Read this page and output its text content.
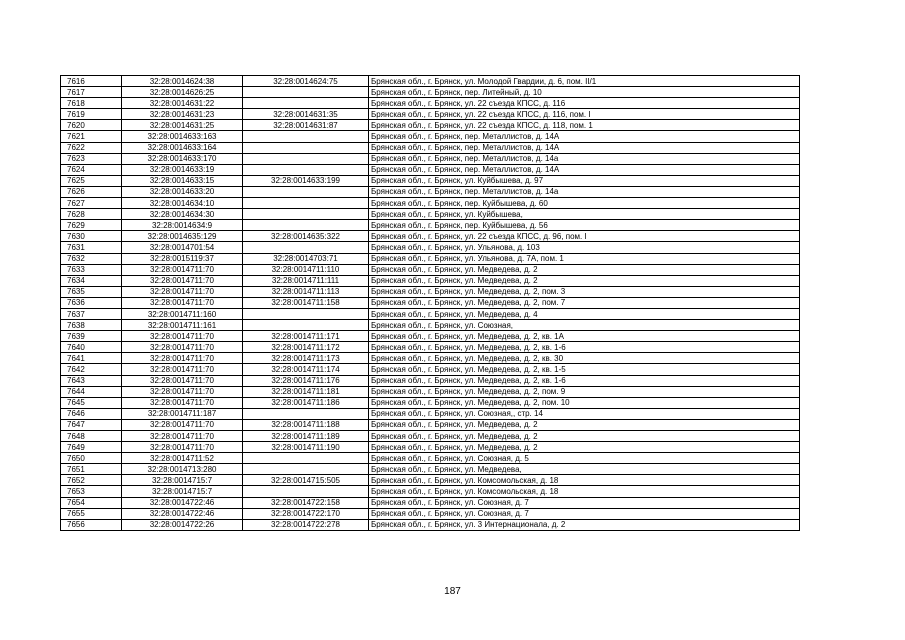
7616	32:28:0014624:38	32:28:0014624:75	Брянская обл., г. Брянск, ул. Молодой Гвардии, д. 6, пом. II/1
7617	32:28:0014626:25		Брянская обл., г. Брянск, пер. Литейный, д. 10
7618	32:28:0014631:22		Брянская обл., г. Брянск, ул. 22 съезда КПСС, д. 116
7619	32:28:0014631:23	32:28:0014631:35	Брянская обл., г. Брянск, ул. 22 съезда КПСС, д. 116, пом. I
7620	32:28:0014631:25	32:28:0014631:87	Брянская обл., г. Брянск, ул. 22 съезда КПСС, д. 118, пом. 1
7621	32:28:0014633:163		Брянская обл., г. Брянск, пер. Металлистов, д. 14А
7622	32:28:0014633:164		Брянская обл., г. Брянск, пер. Металлистов, д. 14А
7623	32:28:0014633:170		Брянская обл., г. Брянск, пер. Металлистов, д. 14а
7624	32:28:0014633:19		Брянская обл., г. Брянск, пер. Металлистов, д. 14А
7625	32:28:0014633:15	32:28:0014633:199	Брянская обл., г. Брянск, ул. Куйбышева, д. 97
7626	32:28:0014633:20		Брянская обл., г. Брянск, пер. Металлистов, д. 14а
7627	32:28:0014634:10		Брянская обл., г. Брянск, пер. Куйбышева, д. 60
7628	32:28:0014634:30		Брянская обл., г. Брянск, ул. Куйбышева,
7629	32:28:0014634:9		Брянская обл., г. Брянск, пер. Куйбышева, д. 56
7630	32:28:0014635:129	32:28:0014635:322	Брянская обл., г. Брянск, ул. 22 съезда КПСС, д. 96, пом. I
7631	32:28:0014701:54		Брянская обл., г. Брянск, ул. Ульянова, д. 103
7632	32:28:0015119:37	32:28:0014703:71	Брянская обл., г. Брянск, ул. Ульянова, д. 7А, пом. 1
7633	32:28:0014711:70	32:28:0014711:110	Брянская обл., г. Брянск, ул. Медведева, д. 2
7634	32:28:0014711:70	32:28:0014711:111	Брянская обл., г. Брянск, ул. Медведева, д. 2
7635	32:28:0014711:70	32:28:0014711:113	Брянская обл., г. Брянск, ул. Медведева, д. 2, пом. 3
7636	32:28:0014711:70	32:28:0014711:158	Брянская обл., г. Брянск, ул. Медведева, д. 2, пом. 7
7637	32:28:0014711:160		Брянская обл., г. Брянск, ул. Медведева, д. 4
7638	32:28:0014711:161		Брянская обл., г. Брянск, ул. Союзная,
7639	32:28:0014711:70	32:28:0014711:171	Брянская обл., г. Брянск, ул. Медведева, д. 2, кв. 1А
7640	32:28:0014711:70	32:28:0014711:172	Брянская обл., г. Брянск, ул. Медведева, д. 2, кв. 1-6
7641	32:28:0014711:70	32:28:0014711:173	Брянская обл., г. Брянск, ул. Медведева, д. 2, кв. 30
7642	32:28:0014711:70	32:28:0014711:174	Брянская обл., г. Брянск, ул. Медведева, д. 2, кв. 1-5
7643	32:28:0014711:70	32:28:0014711:176	Брянская обл., г. Брянск, ул. Медведева, д. 2, кв. 1-6
7644	32:28:0014711:70	32:28:0014711:181	Брянская обл., г. Брянск, ул. Медведева, д. 2, пом. 9
7645	32:28:0014711:70	32:28:0014711:186	Брянская обл., г. Брянск, ул. Медведева, д. 2, пом. 10
7646	32:28:0014711:187		Брянская обл., г. Брянск, ул. Союзная,, стр. 14
7647	32:28:0014711:70	32:28:0014711:188	Брянская обл., г. Брянск, ул. Медведева, д. 2
7648	32:28:0014711:70	32:28:0014711:189	Брянская обл., г. Брянск, ул. Медведева, д. 2
7649	32:28:0014711:70	32:28:0014711:190	Брянская обл., г. Брянск, ул. Медведева, д. 2
7650	32:28:0014711:52		Брянская обл., г. Брянск, ул. Союзная, д. 5
7651	32:28:0014713:280		Брянская обл., г. Брянск, ул. Медведева,
7652	32:28:0014715:7	32:28:0014715:505	Брянская обл., г. Брянск, ул. Комсомольская, д. 18
7653	32:28:0014715:7		Брянская обл., г. Брянск, ул. Комсомольская, д. 18
7654	32:28:0014722:46	32:28:0014722:158	Брянская обл., г. Брянск, ул. Союзная, д. 7
7655	32:28:0014722:46	32:28:0014722:170	Брянская обл., г. Брянск, ул. Союзная, д. 7
7656	32:28:0014722:26	32:28:0014722:278	Брянская обл., г. Брянск, ул. 3 Интернационала, д. 2
187
